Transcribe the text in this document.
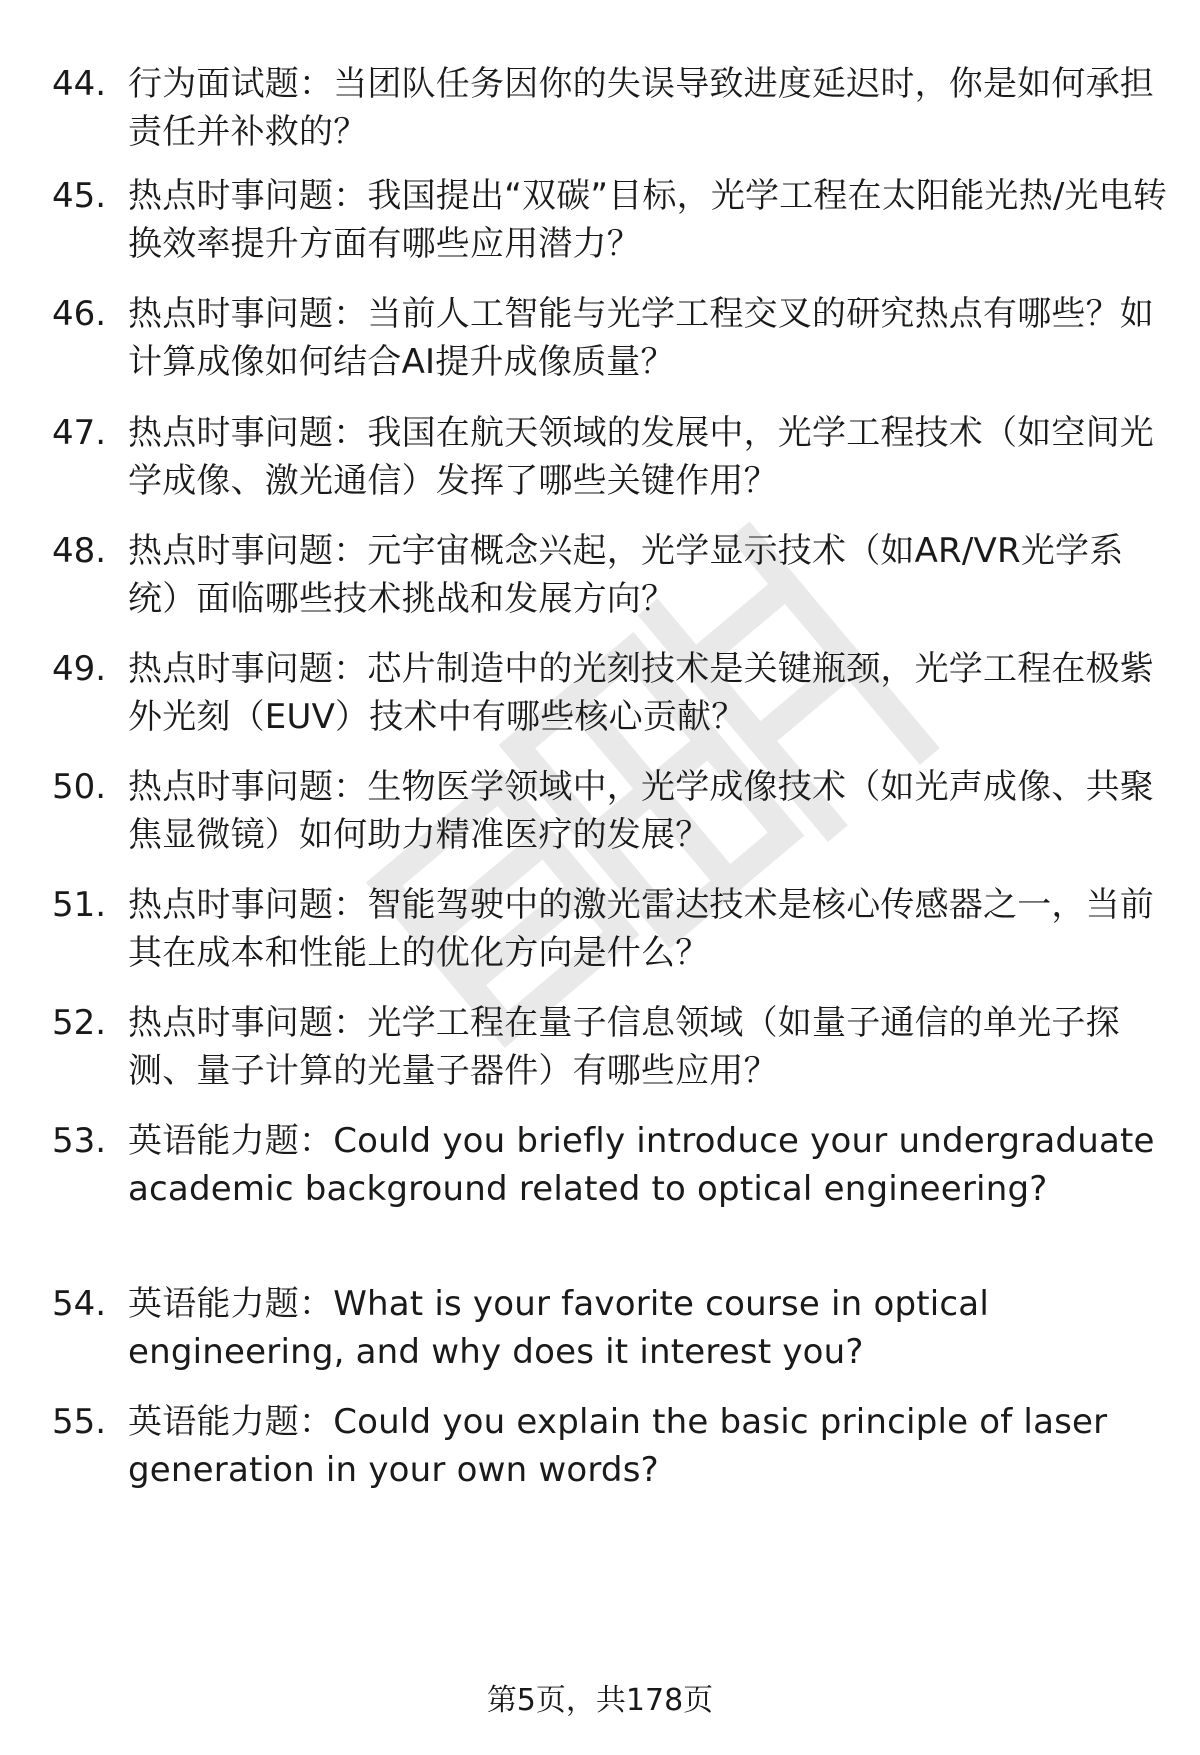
44. 行为面试题：当团队任务因你的失误导致进度延迟时，你是如何承担责任并补救的？
45. 热点时事问题：我国提出“双碳”目标，光学工程在太阳能光热/光电转换效率提升方面有哪些应用潜力？
46. 热点时事问题：当前人工智能与光学工程交叉的研究热点有哪些？如计算成像如何结合AI提升成像质量？
47. 热点时事问题：我国在航天领域的发展中，光学工程技术（如空间光学成像、激光通信）发挥了哪些关键作用？
48. 热点时事问题：元宇宙概念兴起，光学显示技术（如AR/VR光学系统）面临哪些技术挑战和发展方向？
49. 热点时事问题：芯片制造中的光刻技术是关键瓶颈，光学工程在极紫外光刻（EUV）技术中有哪些核心贡献？
50. 热点时事问题：生物医学领域中，光学成像技术（如光声成像、共聚焦显微镜）如何助力精准医疗的发展？
51. 热点时事问题：智能驾驶中的激光雷达技术是核心传感器之一，当前其在成本和性能上的优化方向是什么？
52. 热点时事问题：光学工程在量子信息领域（如量子通信的单光子探测、量子计算的光量子器件）有哪些应用？
53. 英语能力题：Could you briefly introduce your undergraduate academic background related to optical engineering?
54. 英语能力题：What is your favorite course in optical engineering, and why does it interest you?
55. 英语能力题：Could you explain the basic principle of laser generation in your own words?
第5页，共178页
